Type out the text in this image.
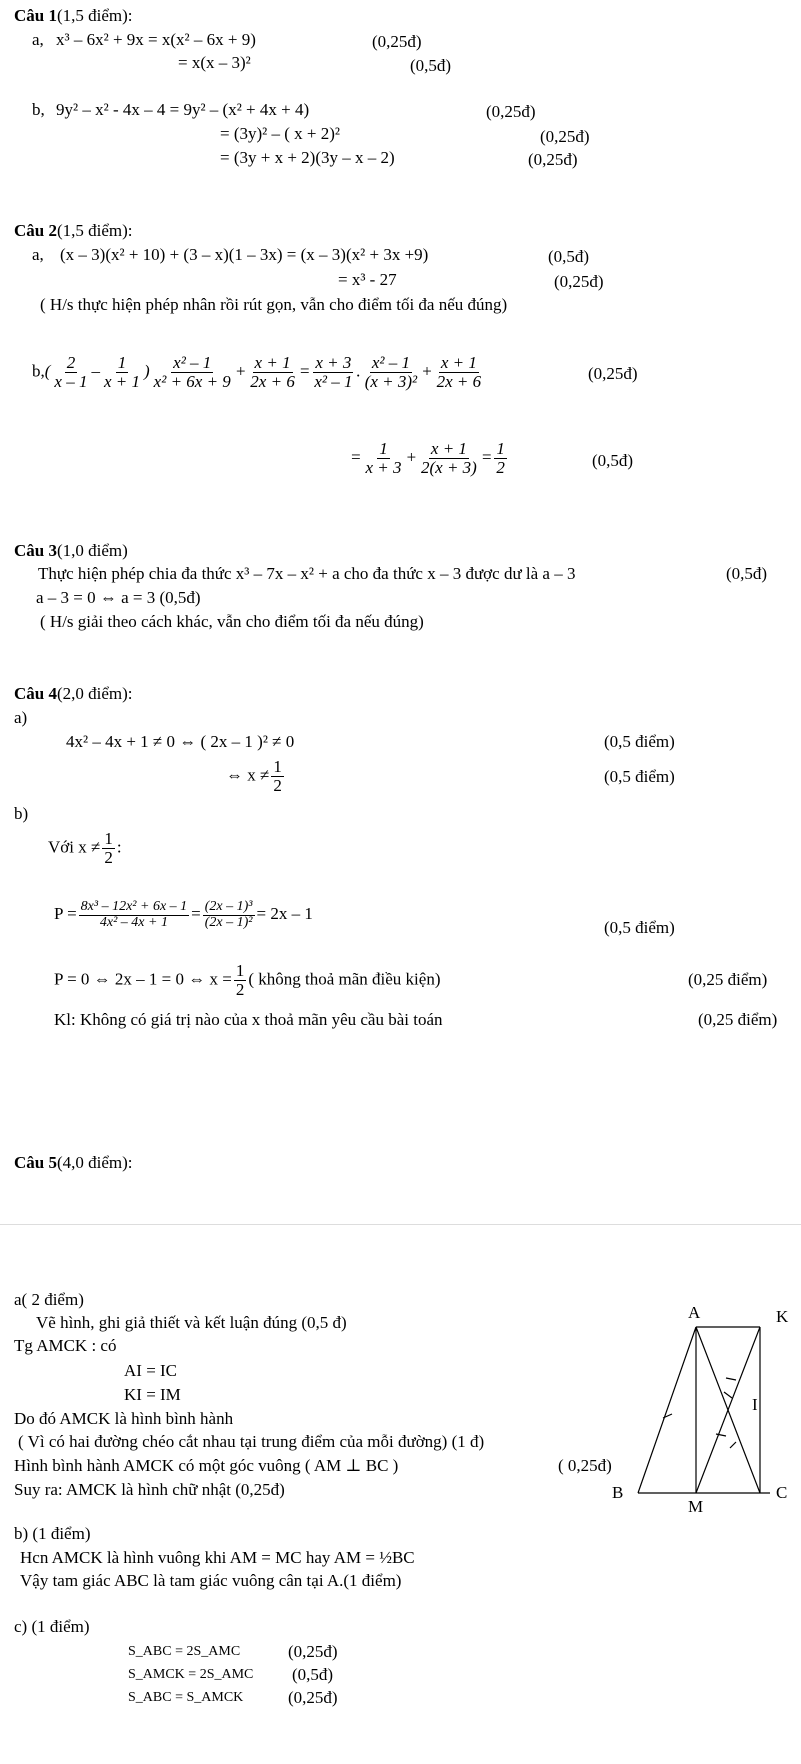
Câu 1(1,5 điểm):
a, x³ – 6x² + 9x = x(x² – 6x + 9)	(0,25đ)
= x(x – 3)²	(0,5đ)
b, 9y² – x² - 4x – 4 = 9y² – (x² + 4x + 4)	(0,25đ)
= (3y)² – ( x + 2)²	(0,25đ)
= (3y + x + 2)(3y – x – 2)	(0,25đ)
Câu 2(1,5 điểm):
a, (x – 3)(x² + 10) + (3 – x)(1 – 3x) = (x – 3)(x² + 3x +9)	(0,5đ)
= x³ - 27	(0,25đ)
( H/s thực hiện phép nhân rồi rút gọn, vẫn cho điểm tối đa nếu đúng)
$b,( \frac{2}{x - 1} - \frac{1}{x + 1}$ ) $\frac{\text{x² – 1}}{\text{x² + 6x + 9}} + \frac{x + 1}{2x + 6} = \frac{x + 3}{\text{x² – 1}}$ . $\frac{\text{x² – 1}}{\text{(x + 3)²}} + \frac{x + 1}{2x + 6}$	(0,25đ)
= $\frac{1}{x + 3} + \frac{x + 1}{2(x + 3)} = \frac{1}{2}$	(0,5đ)
Câu 3(1,0 điểm)
Thực hiện phép chia đa thức x³ – 7x – x² + a cho đa thức x – 3 được dư là a – 3	(0,5đ)
a – 3 = 0 ⇔ a = 3 (0,5đ)
( H/s giải theo cách khác, vẫn cho điểm tối đa nếu đúng)
Câu 4(2,0 điểm):
a)
4x² – 4x + 1 ≠ 0 ⇔ ( 2x – 1 )² ≠ 0	(0,5 điểm)
⇔ $x \ne \frac{1}{2}$	(0,5 điểm)
b)
Với $x \ne \frac{1}{2}$ :
$P = \frac{\text{8x³ – 12x² + 6x – 1}}{\text{4x² – 4x + 1}} = \frac{\text{(2x – 1)³}}{\text{(2x – 1)²}} = 2x - 1$
(0,5 điểm)
P = 0 ⇔ 2x – 1 = 0 ⇔ $x = \frac{1}{2}$ ( không thoả mãn điều kiện)	(0,25 điểm)
Kl: Không có giá trị nào của x thoả mãn yêu cầu bài toán	(0,25 điểm)
Câu 5(4,0 điểm):
a( 2 điểm)
Vẽ hình, ghi giả thiết và kết luận đúng (0,5 đ)
Tg AMCK : có
AI = IC
KI = IM
Do đó AMCK là hình bình hành
( Vì có hai đường chéo cắt nhau tại trung điểm của mỗi đường) (1 đ)
Hình bình hành AMCK có một góc vuông ( AM ⊥ BC )	( 0,25đ)
Suy ra: AMCK là hình chữ nhật (0,25đ)
b) (1 điểm)
Hcn AMCK là hình vuông khi AM = MC hay AM = ½BC
Vậy tam giác ABC là tam giác vuông cân tại A.(1 điểm)
c) (1 điểm)
S_ABC = 2S_AMC	(0,25đ)
S_AMCK = 2S_AMC (0,5đ)
S_ABC = S_AMCK	(0,25đ)
A	K
I
B
M
C
